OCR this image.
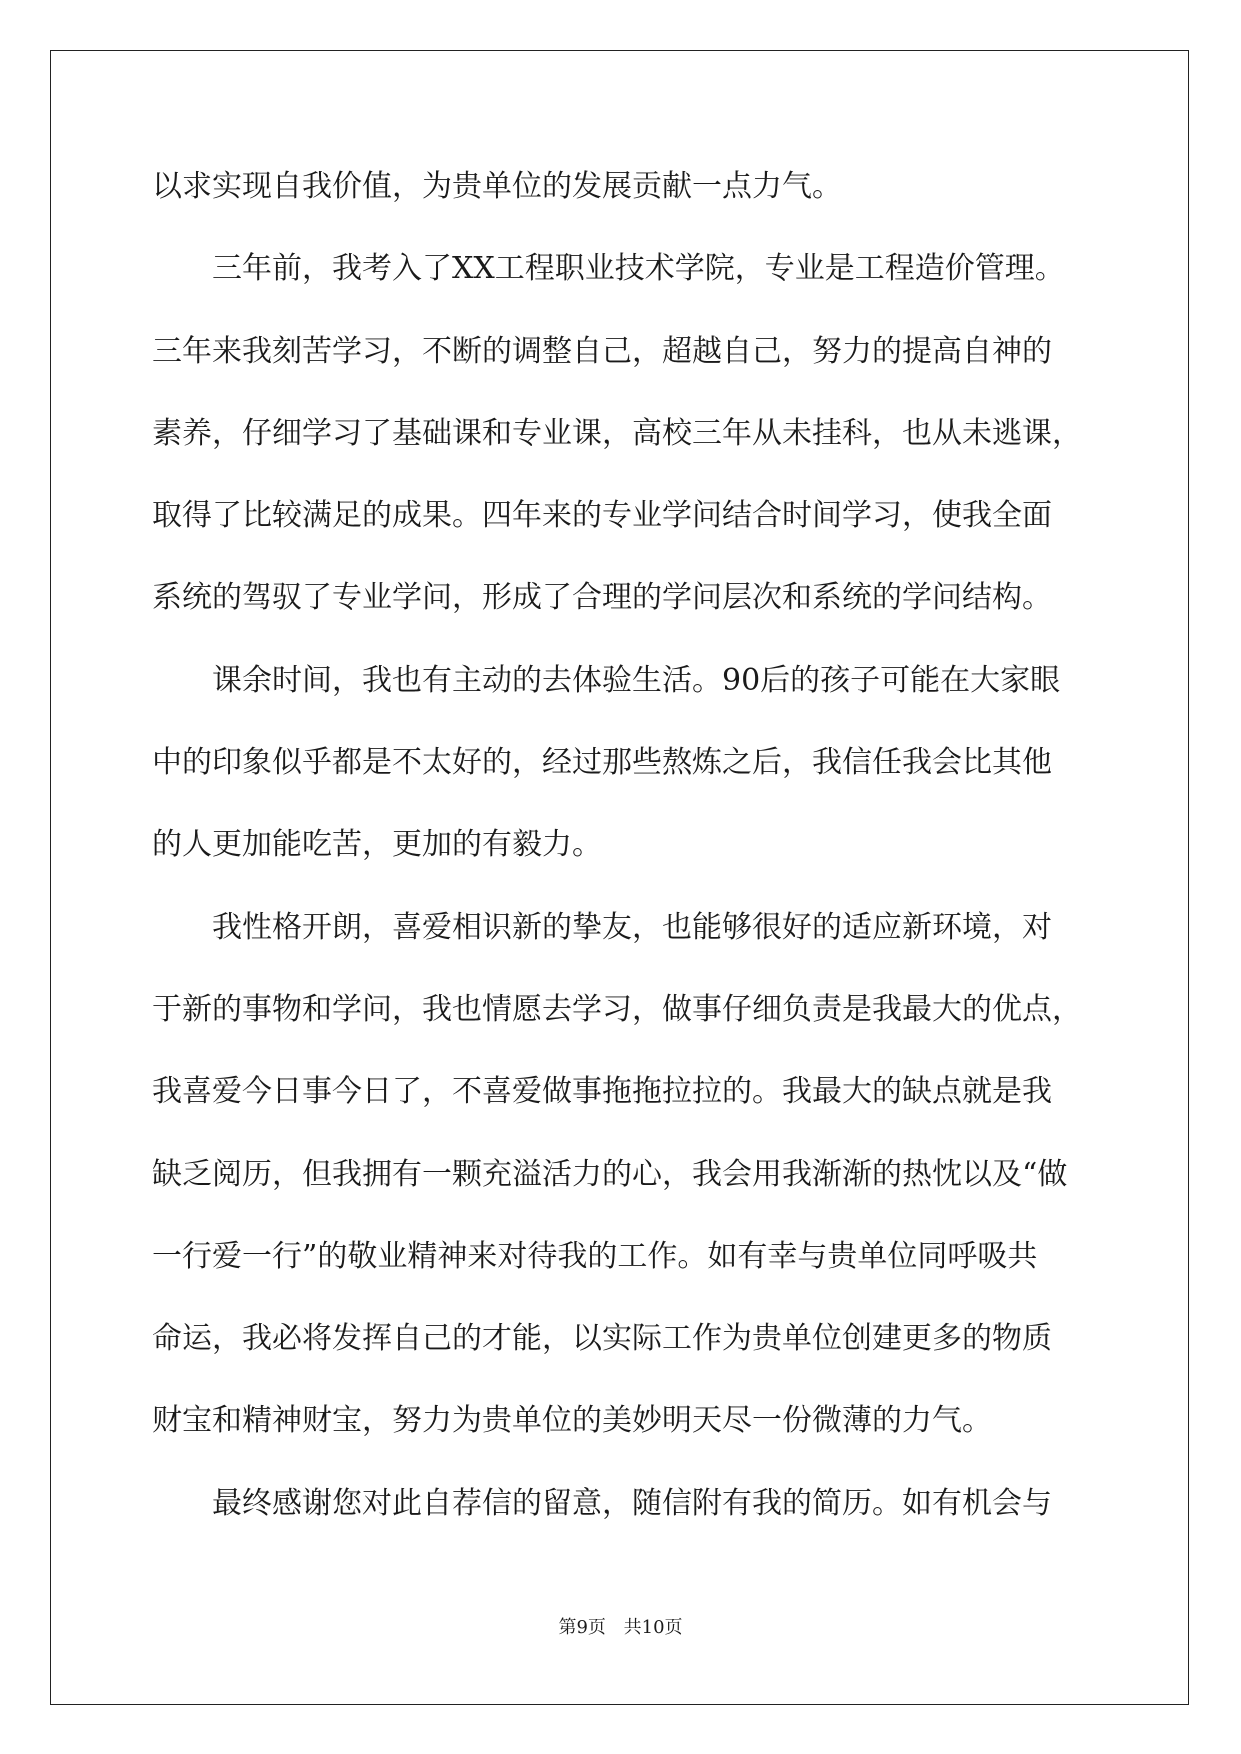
以求实现自我价值，为贵单位的发展贡献一点力气。
　　三年前，我考入了XX工程职业技术学院，专业是工程造价管理。
三年来我刻苦学习，不断的调整自己，超越自己，努力的提高自神的
素养，仔细学习了基础课和专业课，高校三年从未挂科，也从未逃课，
取得了比较满足的成果。四年来的专业学问结合时间学习，使我全面
系统的驾驭了专业学问，形成了合理的学问层次和系统的学问结构。
　　课余时间，我也有主动的去体验生活。90后的孩子可能在大家眼
中的印象似乎都是不太好的，经过那些熬炼之后，我信任我会比其他
的人更加能吃苦，更加的有毅力。
　　我性格开朗，喜爱相识新的挚友，也能够很好的适应新环境，对
于新的事物和学问，我也情愿去学习，做事仔细负责是我最大的优点，
我喜爱今日事今日了，不喜爱做事拖拖拉拉的。我最大的缺点就是我
缺乏阅历，但我拥有一颗充溢活力的心，我会用我渐渐的热忱以及“做
一行爱一行”的敬业精神来对待我的工作。如有幸与贵单位同呼吸共
命运，我必将发挥自己的才能，以实际工作为贵单位创建更多的物质
财宝和精神财宝，努力为贵单位的美妙明天尽一份微薄的力气。
　　最终感谢您对此自荐信的留意，随信附有我的简历。如有机会与
第9页 共10页
